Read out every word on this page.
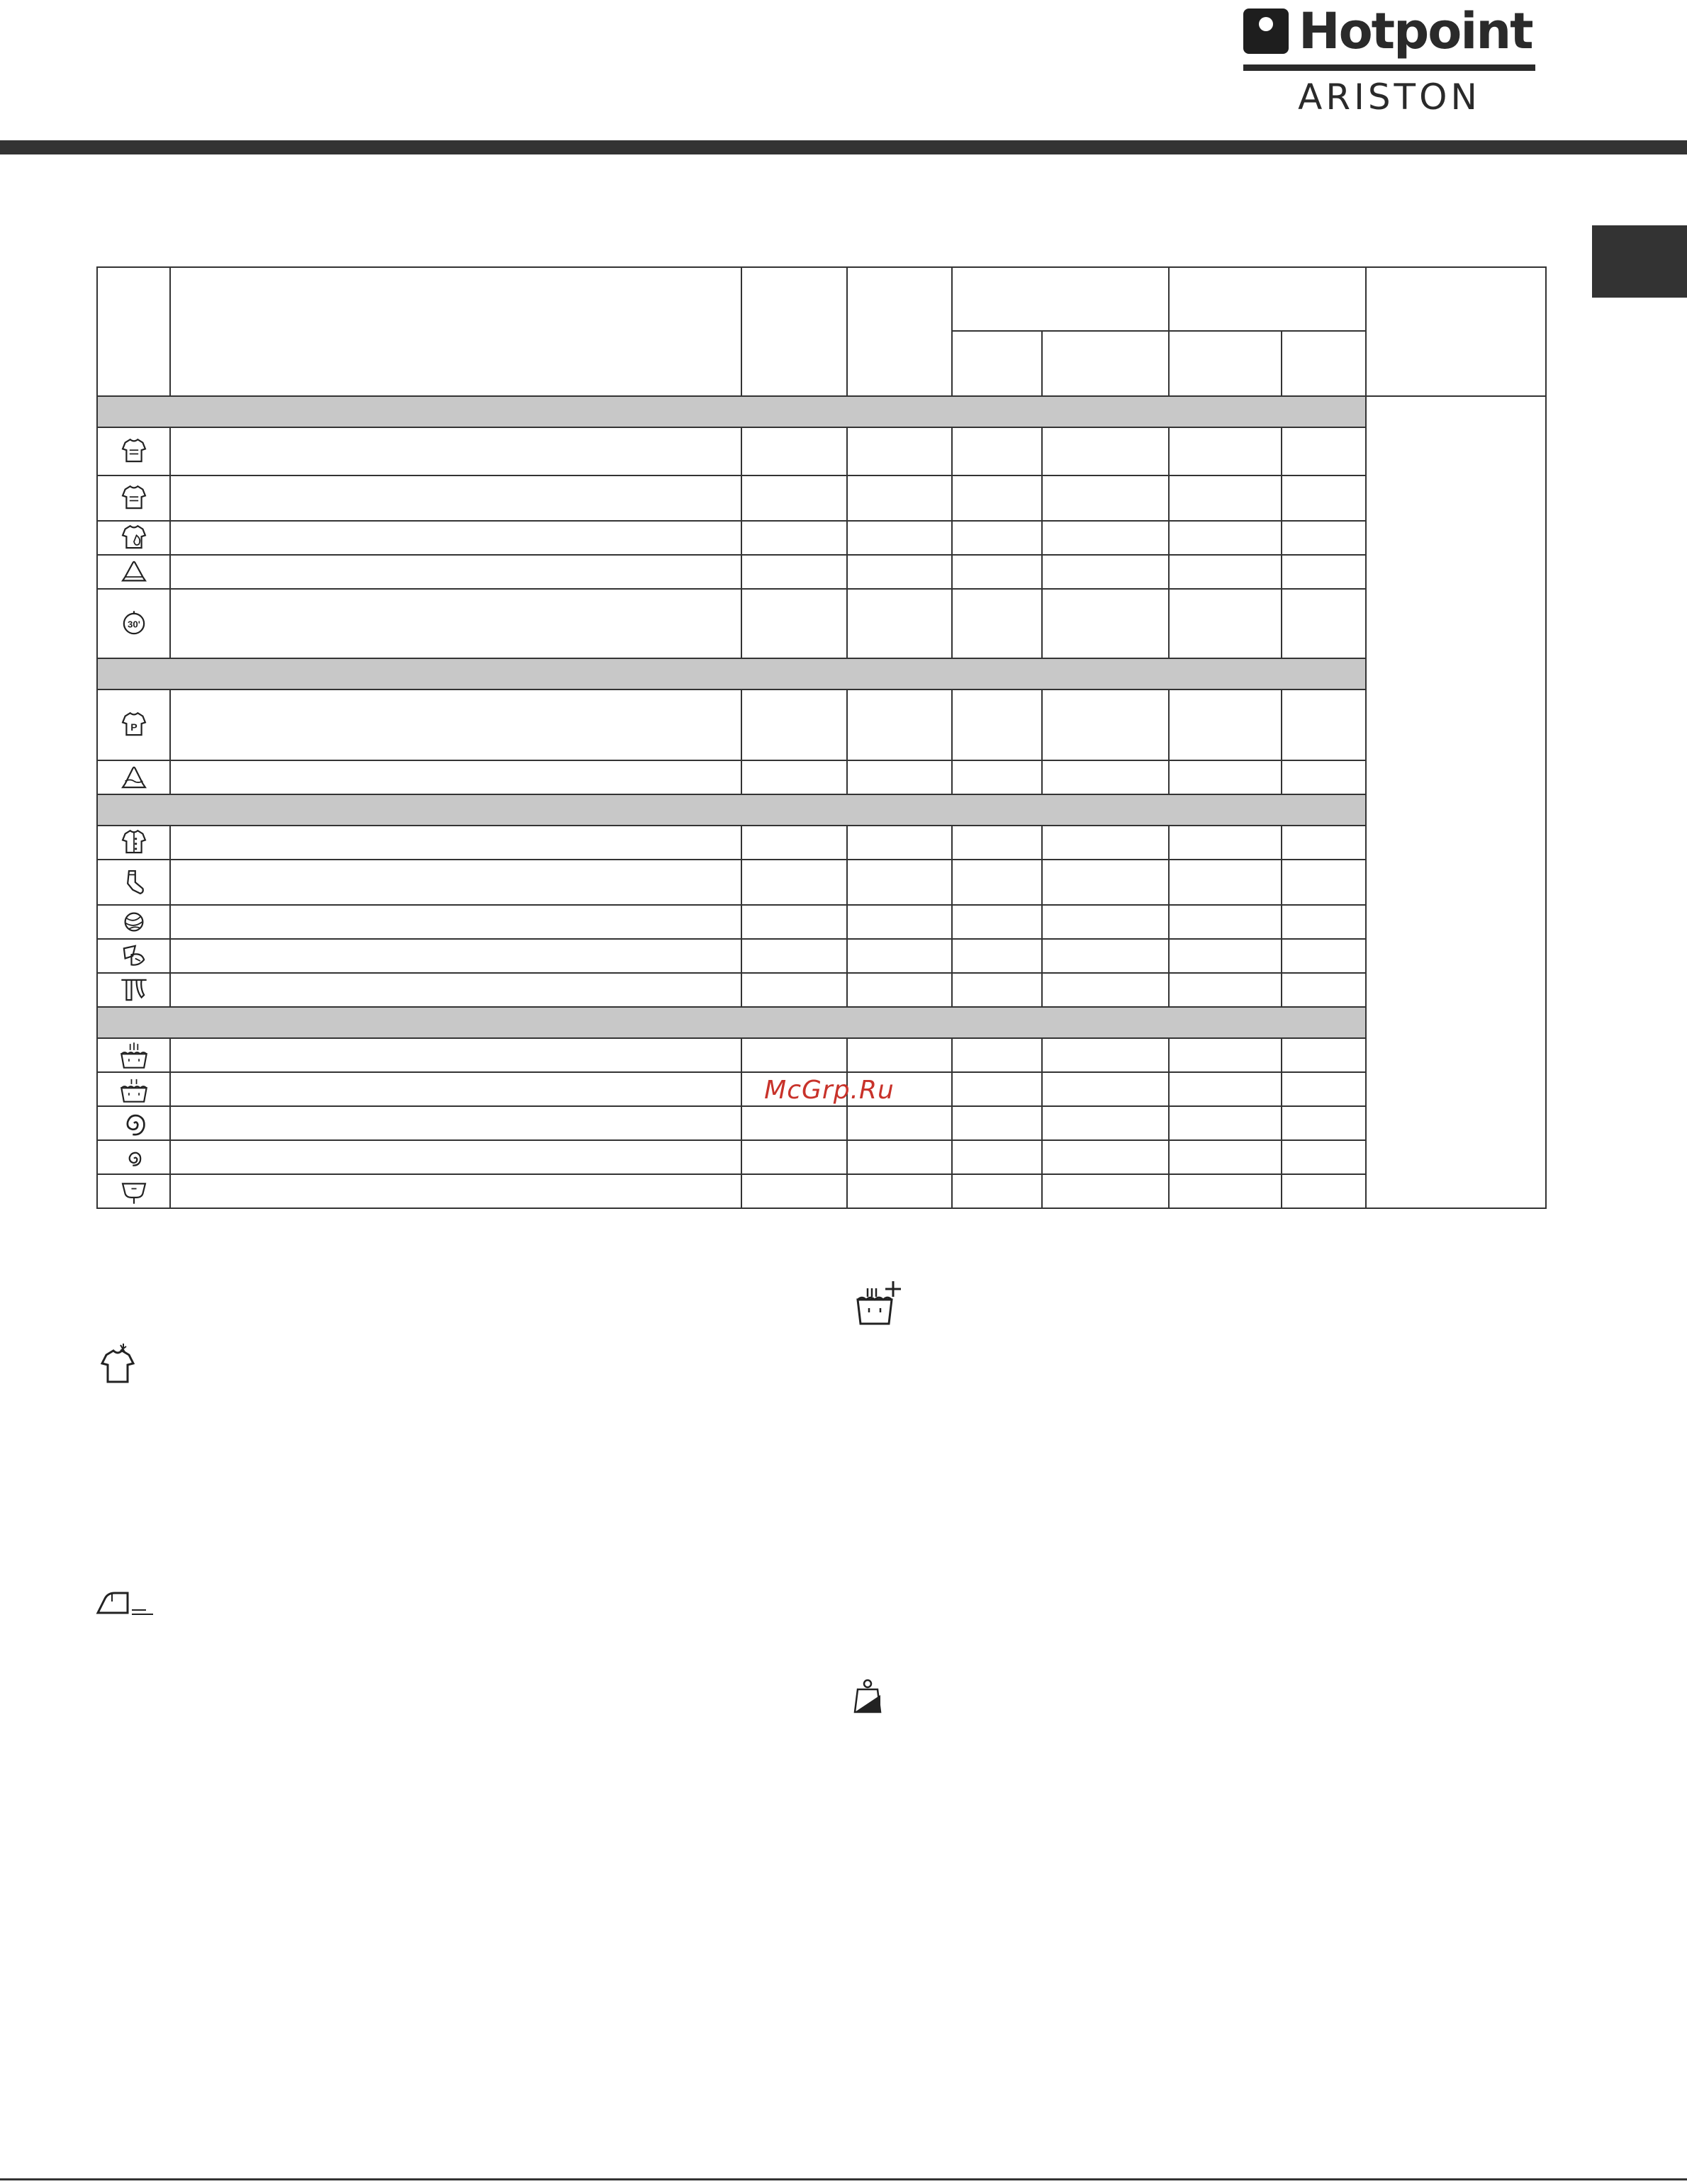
Hotpoint
ARISTON

30'								

P								

McGrp.Ru
